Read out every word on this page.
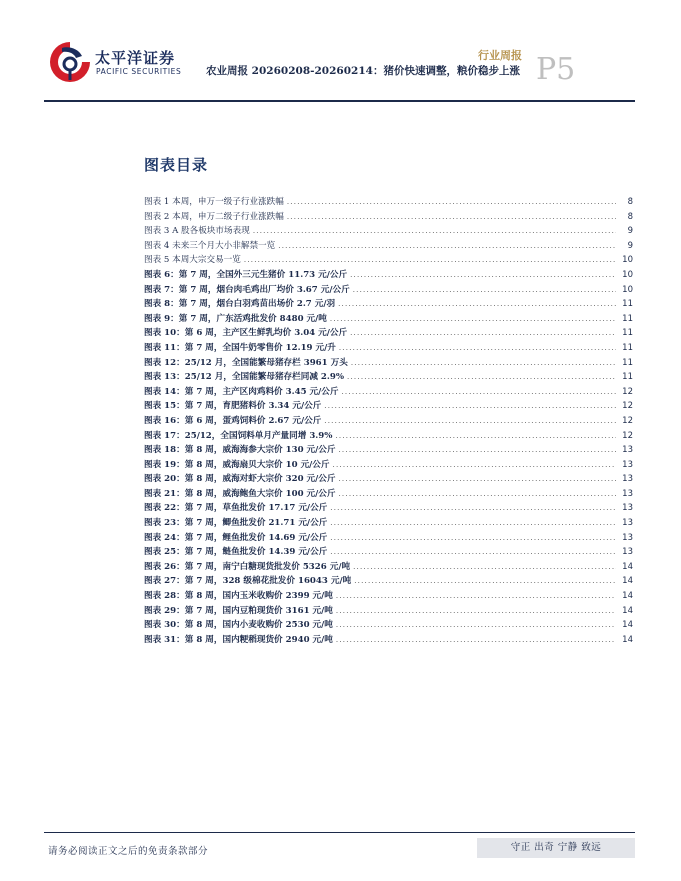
太平洋证券
PACIFIC SECURITIES
行业周报
农业周报 20260208-20260214：猪价快速调整，粮价稳步上涨 P5
图表目录
图表 1 本周，申万一级子行业涨跌幅 . . .	8
图表 2 本周，申万二级子行业涨跌幅 . . .	8
图表 3 A 股各板块市场表现 . . .	9
图表 4 未来三个月大小非解禁一览 . . .	9
图表 5 本周大宗交易一览 . . .	10
图表 6：第 7 周，全国外三元生猪价 11.73 元/公斤 . . .	10
图表 7：第 7 周，烟台肉毛鸡出厂均价 3.67 元/公斤 . . .	10
图表 8：第 7 周，烟台白羽鸡苗出场价 2.7 元/羽 . . .	11
图表 9：第 7 周，广东活鸡批发价 8480 元/吨 . . .	11
图表 10：第 6 周，主产区生鲜乳均价 3.04 元/公斤 . . .	11
图表 11：第 7 周，全国牛奶零售价 12.19 元/升 . . .	11
图表 12：25/12 月，全国能繁母猪存栏 3961 万头 . . .	11
图表 13：25/12 月，全国能繁母猪存栏同减 2.9% . . .	11
图表 14：第 7 周，主产区肉鸡料价 3.45 元/公斤 . . .	12
图表 15：第 7 周，育肥猪料价 3.34 元/公斤 . . .	12
图表 16：第 6 周，蛋鸡饲料价 2.67 元/公斤 . . .	12
图表 17：25/12，全国饲料单月产量同增 3.9% . . .	12
图表 18：第 8 周，威海海参大宗价 130 元/公斤 . . .	13
图表 19：第 8 周，威海扇贝大宗价 10 元/公斤 . . .	13
图表 20：第 8 周，威海对虾大宗价 320 元/公斤 . . .	13
图表 21：第 8 周，威海鲍鱼大宗价 100 元/公斤 . . .	13
图表 22：第 7 周，草鱼批发价 17.17 元/公斤 . . .	13
图表 23：第 7 周，鲫鱼批发价 21.71 元/公斤 . . .	13
图表 24：第 7 周，鲤鱼批发价 14.69 元/公斤 . . .	13
图表 25：第 7 周，鲢鱼批发价 14.39 元/公斤 . . .	13
图表 26：第 7 周，南宁白糖现货批发价 5326 元/吨 . . .	14
图表 27：第 7 周，328 级棉花批发价 16043 元/吨 . . .	14
图表 28：第 8 周，国内玉米收购价 2399 元/吨 . . .	14
图表 29：第 7 周，国内豆粕现货价 3161 元/吨 . . .	14
图表 30：第 8 周，国内小麦收购价 2530 元/吨 . . .	14
图表 31：第 8 周，国内粳稻现货价 2940 元/吨 . . .	14
请务必阅读正文之后的免责条款部分	守正 出奇 宁静 致远
